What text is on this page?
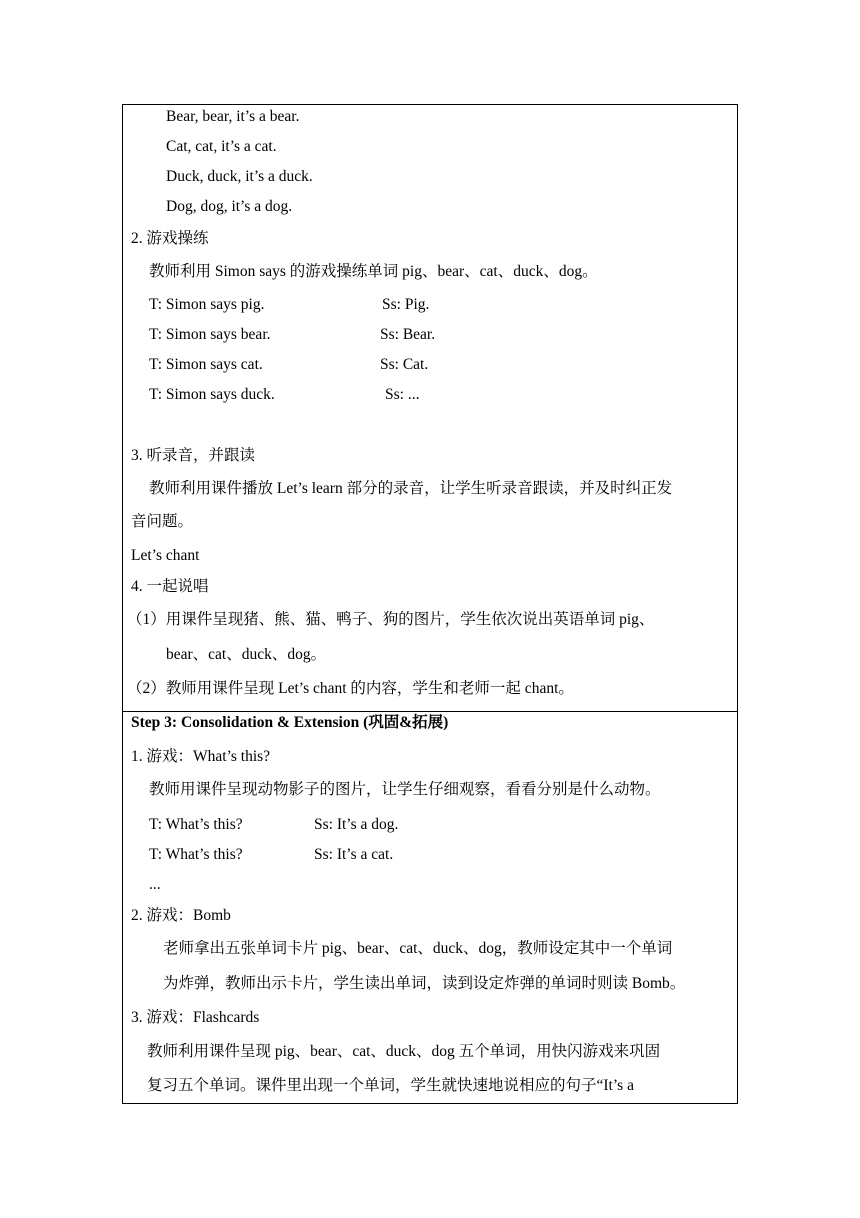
Bear, bear, it’s a bear.
Cat, cat, it’s a cat.
Duck, duck, it’s a duck.
Dog, dog, it’s a dog.
2. 游戏操练
教师利用 Simon says 的游戏操练单词 pig、bear、cat、duck、dog。
T: Simon says pig.	Ss: Pig.
T: Simon says bear.	Ss: Bear.
T: Simon says cat.	Ss: Cat.
T: Simon says duck.	Ss: ...
3. 听录音，并跟读
教师利用课件播放 Let’s learn 部分的录音，让学生听录音跟读，并及时纠正发
音问题。
Let’s chant
4. 一起说唱
（1）用课件呈现猪、熊、猫、鸭子、狗的图片，学生依次说出英语单词 pig、
bear、cat、duck、dog。
（2）教师用课件呈现 Let’s chant 的内容，学生和老师一起 chant。
Step 3: Consolidation & Extension (巩固&拓展)
1. 游戏：What’s this?
教师用课件呈现动物影子的图片，让学生仔细观察，看看分别是什么动物。
T: What’s this?	Ss: It’s a dog.
T: What’s this?	Ss: It’s a cat.
...
2. 游戏：Bomb
老师拿出五张单词卡片 pig、bear、cat、duck、dog，教师设定其中一个单词
为炸弹，教师出示卡片，学生读出单词，读到设定炸弹的单词时则读 Bomb。
3. 游戏：Flashcards
教师利用课件呈现 pig、bear、cat、duck、dog 五个单词，用快闪游戏来巩固
复习五个单词。课件里出现一个单词，学生就快速地说相应的句子“It’s a
